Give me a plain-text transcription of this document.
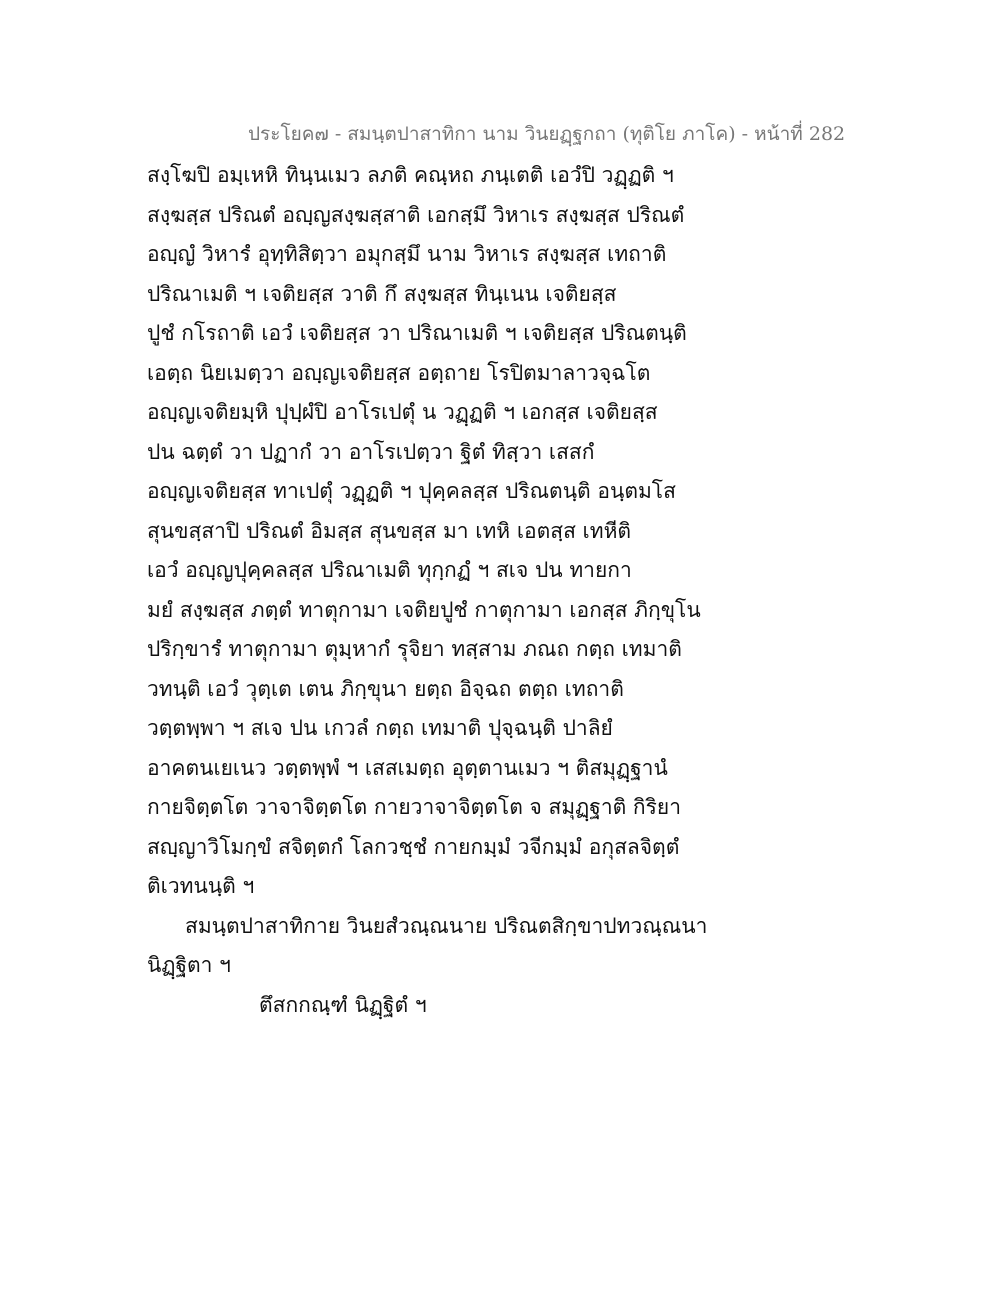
ประโยค๗ - สมนฺตปาสาทิกา นาม วินยฏฺฐกถา (ทุติโย ภาโค) - หน้าที่ 282
สงฺโฆปิ อมฺเหหิ ทินฺนเมว ลภติ คณฺหถ ภนฺเตติ เอวํปิ วฏฺฏติ ฯ
สงฺฆสฺส ปริณตํ อญฺญสงฺฆสฺสาติ เอกสฺมึ วิหาเร สงฺฆสฺส ปริณตํ
อญฺญํ วิหารํ อุทฺทิสิตฺวา อมุกสฺมึ นาม วิหาเร สงฺฆสฺส เทถาติ
ปริณาเมติ ฯ เจติยสฺส วาติ กึ สงฺฆสฺส ทินฺเนน เจติยสฺส
ปูชํ กโรถาติ เอวํ เจติยสฺส วา ปริณาเมติ ฯ เจติยสฺส ปริณตนฺติ
เอตฺถ นิยเมตฺวา อญฺญเจติยสฺส อตฺถาย โรปิตมาลาวจฺฉโต
อญฺญเจติยมฺหิ ปุปฺผํปิ อาโรเปตุํ น วฏฺฏติ ฯ เอกสฺส เจติยสฺส
ปน ฉตฺตํ วา ปฏากํ วา อาโรเปตฺวา ฐิตํ ทิสฺวา เสสกํ
อญฺญเจติยสฺส ทาเปตุํ วฏฺฏติ ฯ ปุคฺคลสฺส ปริณตนฺติ อนฺตมโส
สุนขสฺสาปิ ปริณตํ อิมสฺส สุนขสฺส มา เทหิ เอตสฺส เทหีติ
เอวํ อญฺญปุคฺคลสฺส ปริณาเมติ ทุกฺกฏํ ฯ สเจ ปน ทายกา
มยํ สงฺฆสฺส ภตฺตํ ทาตุกามา เจติยปูชํ กาตุกามา เอกสฺส ภิกฺขุโน
ปริกฺขารํ ทาตุกามา ตุมฺหากํ รุจิยา ทสฺสาม ภณถ กตฺถ เทมาติ
วทนฺติ เอวํ วุตฺเต เตน ภิกฺขุนา ยตฺถ อิจฺฉถ ตตฺถ เทถาติ
วตฺตพฺพา ฯ สเจ ปน เกวลํ กตฺถ เทมาติ ปุจฺฉนฺติ ปาลิยํ
อาคตนเยเนว วตฺตพฺพํ ฯ เสสเมตฺถ อุตฺตานเมว ฯ ติสมุฏฺฐานํ
กายจิตฺตโต วาจาจิตฺตโต กายวาจาจิตฺตโต จ สมุฏฺฐาติ กิริยา
สญฺญาวิโมกฺขํ สจิตฺตกํ โลกวชฺชํ กายกมฺมํ วจีกมฺมํ อกุสลจิตฺตํ
ติเวทนนฺติ ฯ
สมนฺตปาสาทิกาย วินยสํวณฺณนาย ปริณตสิกฺขาปทวณฺณนา
นิฏฺฐิตา ฯ
ตึสกกณฺฑํ นิฏฺฐิตํ ฯ
